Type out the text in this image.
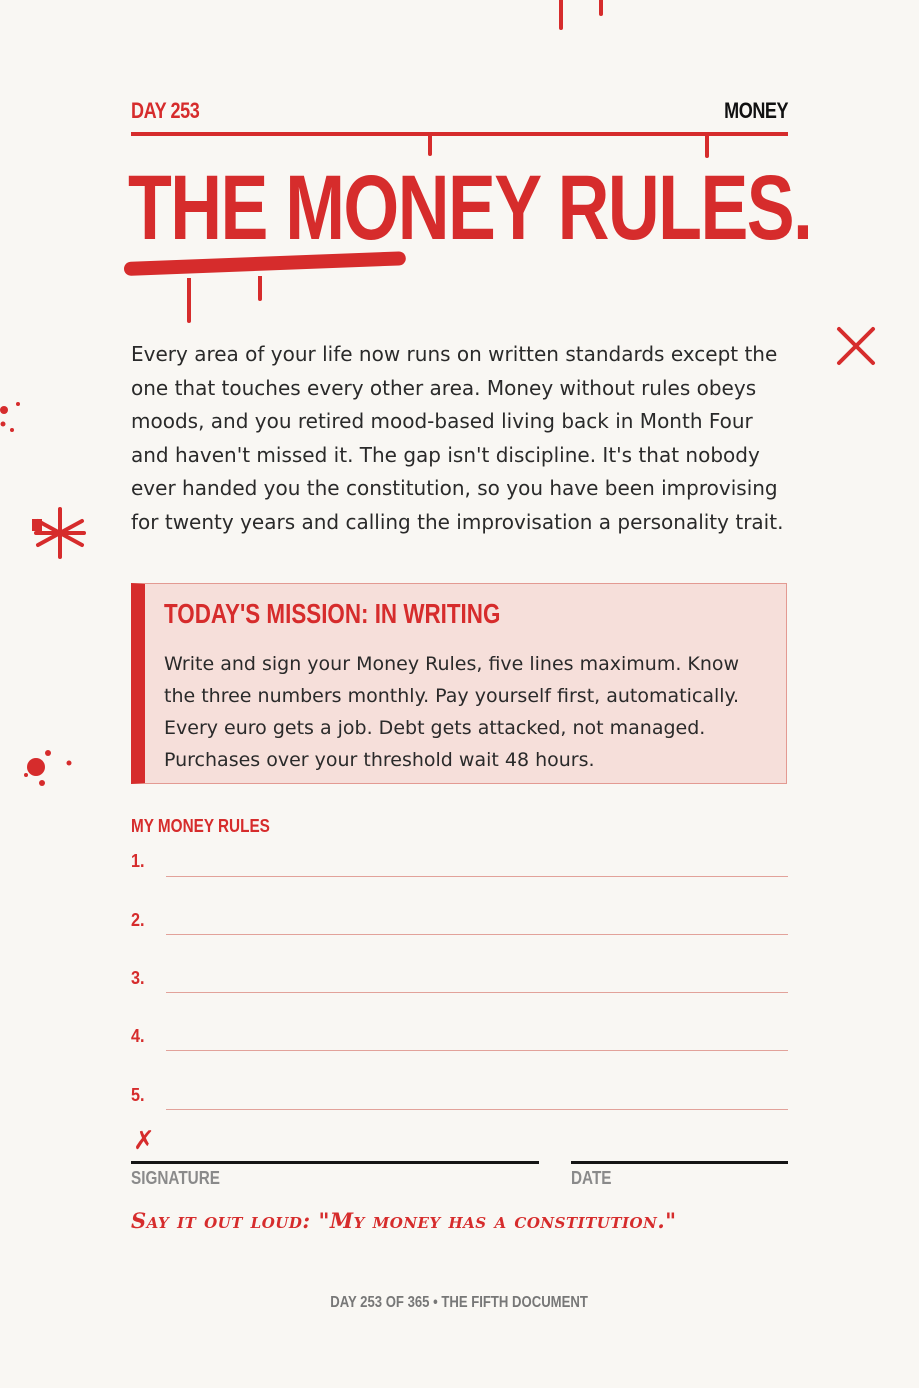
DAY 253	MONEY
THE MONEY RULES.

Every area of your life now runs on written standards except the one that touches every other area. Money without rules obeys moods, and you retired mood-based living back in Month Four and haven't missed it. The gap isn't discipline. It's that nobody ever handed you the constitution, so you have been improvising for twenty years and calling the improvisation a personality trait.

TODAY'S MISSION: IN WRITING
Write and sign your Money Rules, five lines maximum. Know the three numbers monthly. Pay yourself first, automatically. Every euro gets a job. Debt gets attacked, not managed. Purchases over your threshold wait 48 hours.
MY MONEY RULES
1.
2.
3.
4.
5.
✗
SIGNATURE	DATE
Say it out loud: "My money has a constitution."
DAY 253 OF 365 • THE FIFTH DOCUMENT
